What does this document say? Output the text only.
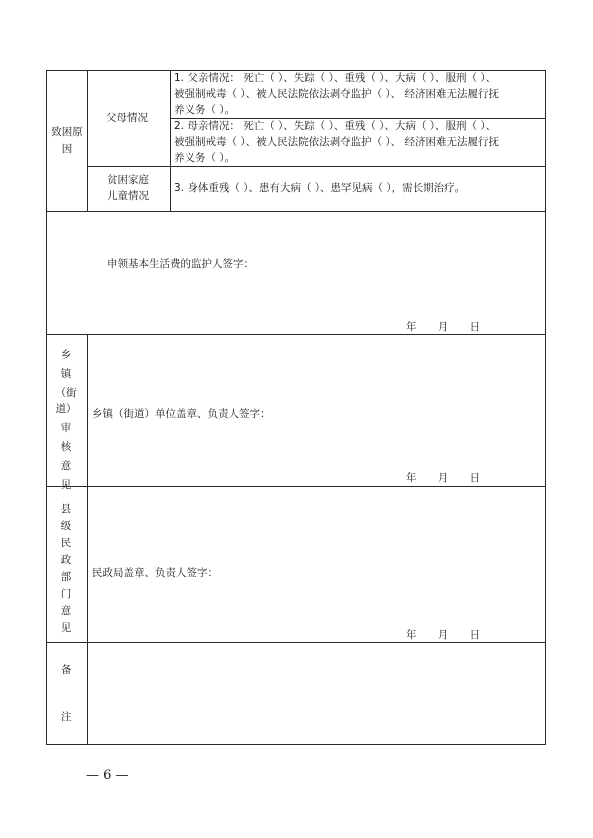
致困原因
父母情况
1. 父亲情况： 死亡（ ）、失踪（ ）、重残（ ）、大病（ ）、服刑（ ）、
被强制戒毒（ ）、被人民法院依法剥夺监护（ ）、 经济困难无法履行抚
养义务（ ）。
2. 母亲情况： 死亡（ ）、失踪（ ）、重残（ ）、大病（ ）、服刑（ ）、
被强制戒毒（ ）、被人民法院依法剥夺监护（ ）、 经济困难无法履行抚
养义务（ ）。
贫困家庭
儿童情况
3. 身体重残（ ）、患有大病（ ）、患罕见病（ ），需长期治疗。
申领基本生活费的监护人签字：
年 月 日
乡
镇
（街
道）
审
核
意
见
乡镇（街道）单位盖章、负责人签字：
年 月 日
县
级
民
政
部
门
意
见
民政局盖章、负责人签字：
年 月 日
备
注
— 6 —
